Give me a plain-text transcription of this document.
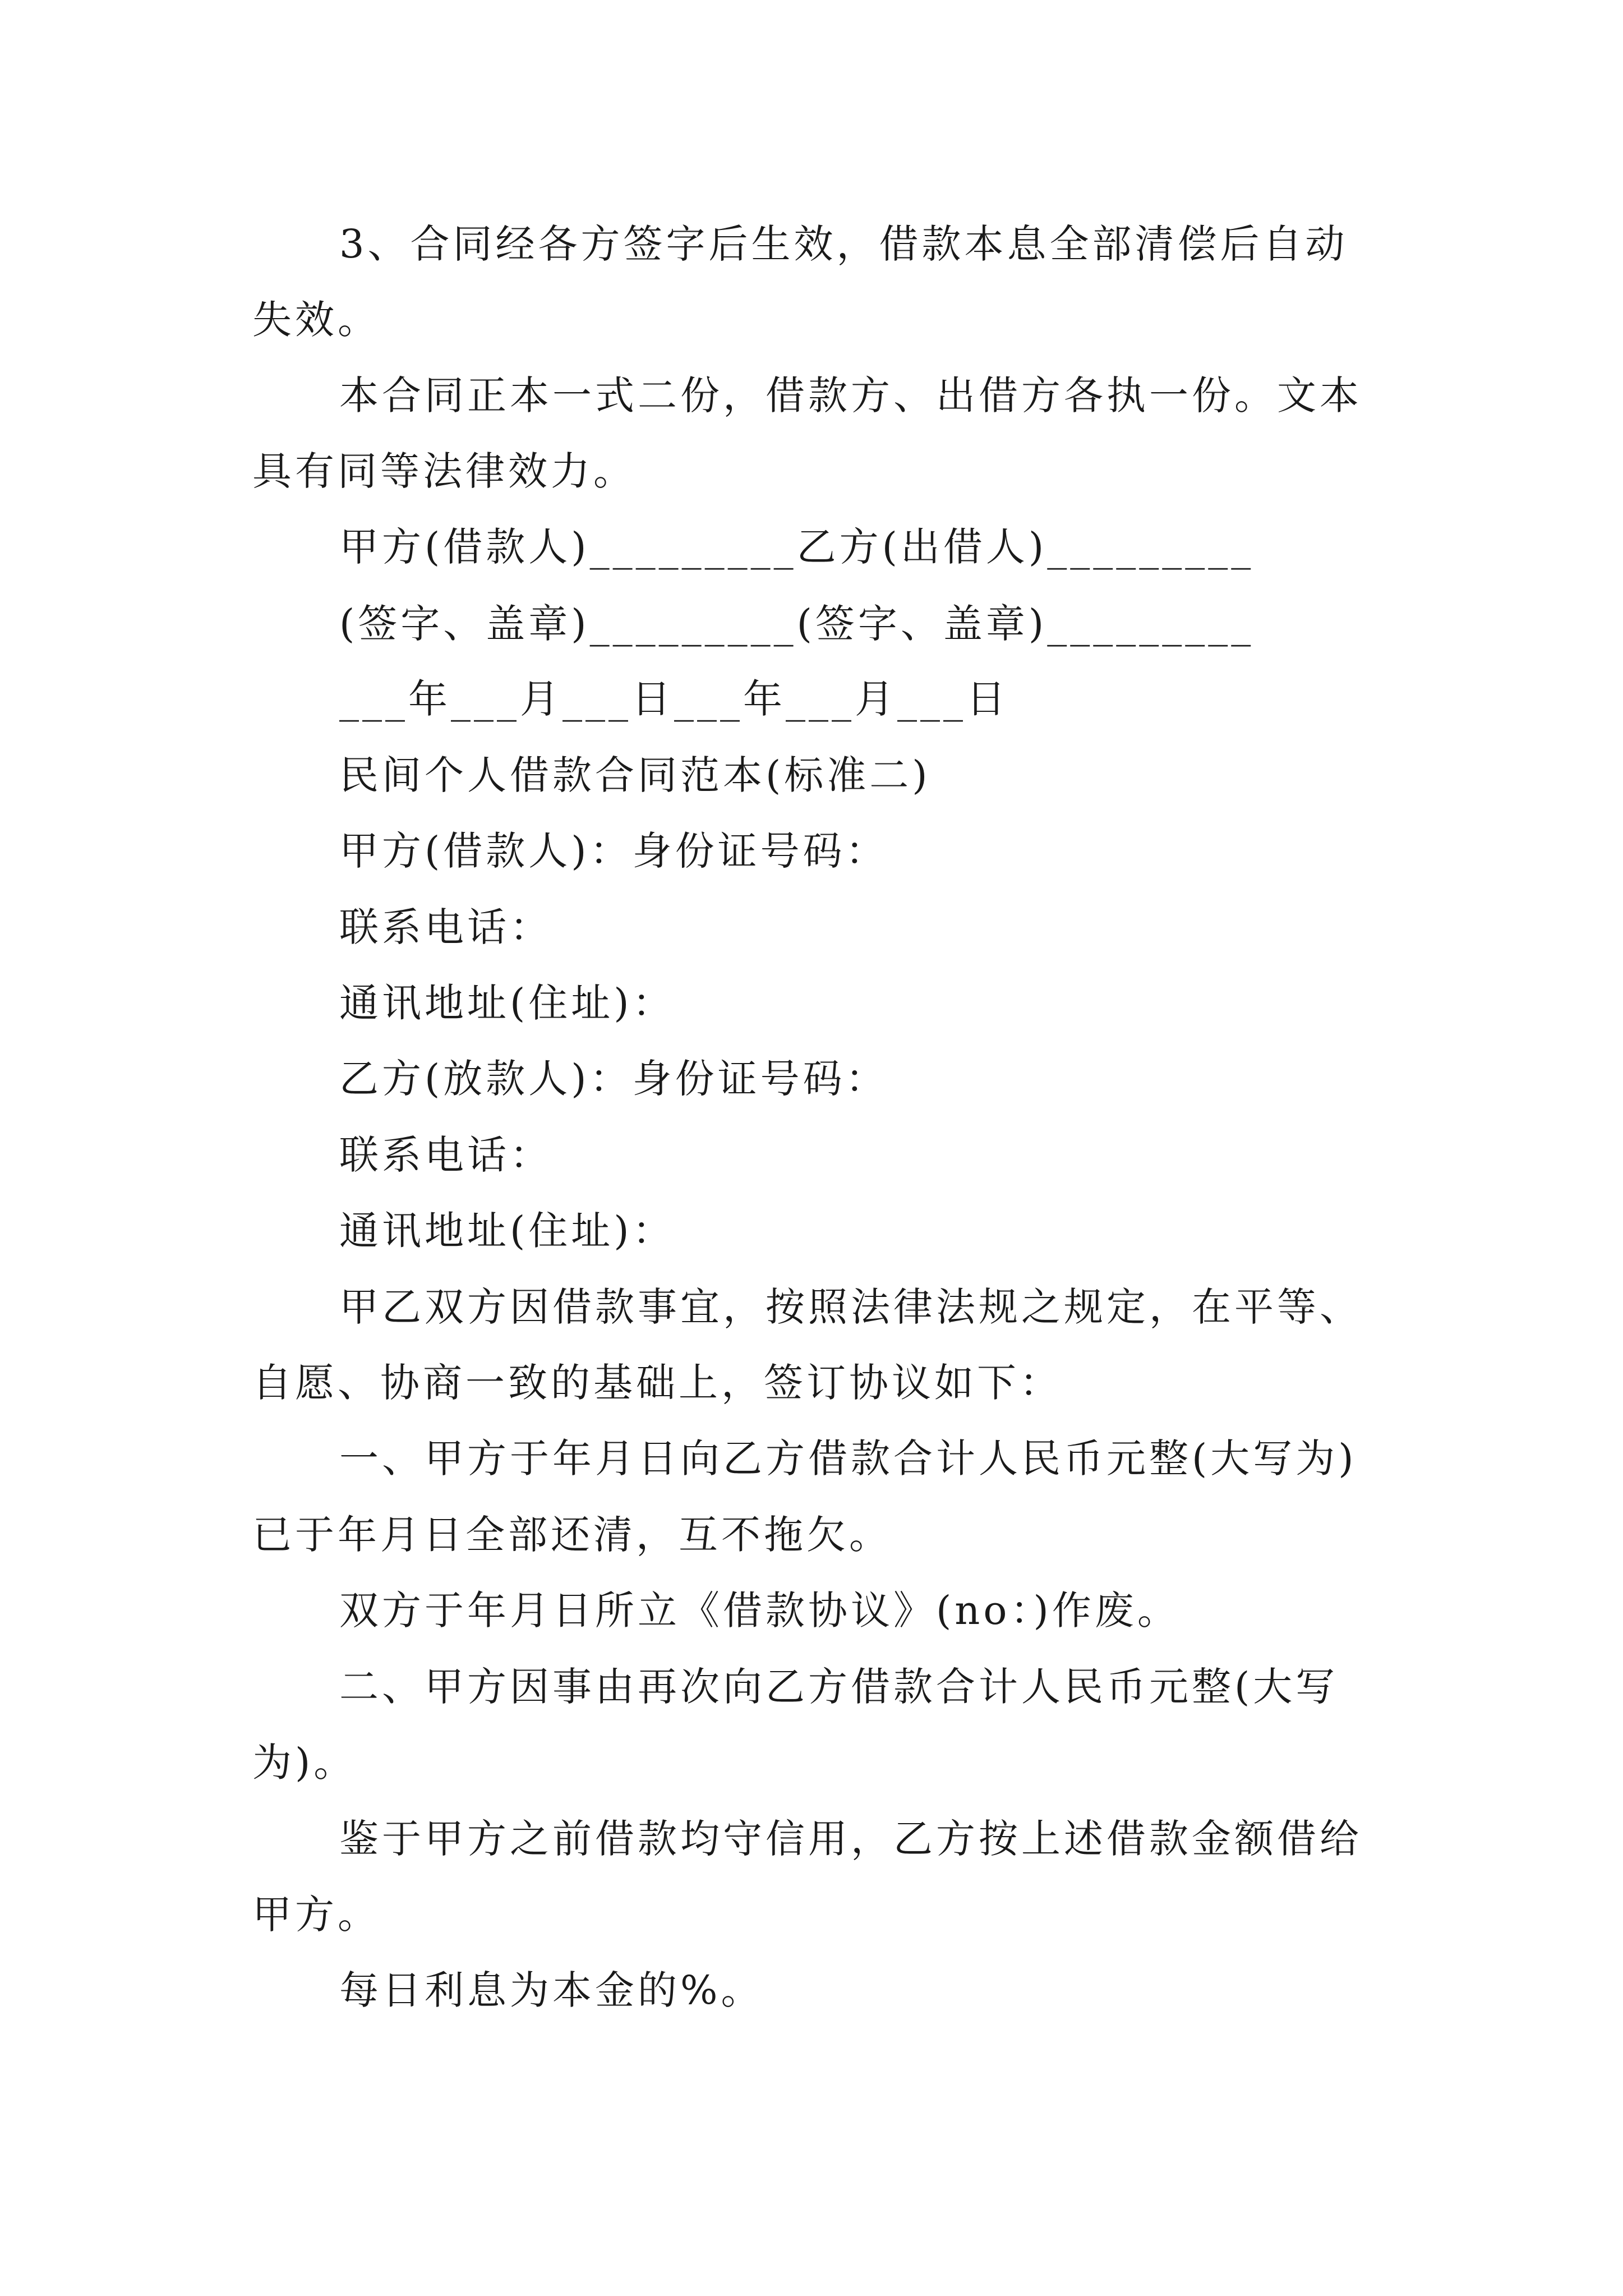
3、合同经各方签字后生效，借款本息全部清偿后自动
失效。
本合同正本一式二份，借款方、出借方各执一份。文本
具有同等法律效力。
甲方(借款人)_________乙方(出借人)_________
(签字、盖章)_________(签字、盖章)_________
___年___月___日___年___月___日
民间个人借款合同范本(标准二)
甲方(借款人)：身份证号码：
联系电话：
通讯地址(住址)：
乙方(放款人)：身份证号码：
联系电话：
通讯地址(住址)：
甲乙双方因借款事宜，按照法律法规之规定，在平等、
自愿、协商一致的基础上，签订协议如下：
一、甲方于年月日向乙方借款合计人民币元整(大写为)
已于年月日全部还清，互不拖欠。
双方于年月日所立《借款协议》(no：)作废。
二、甲方因事由再次向乙方借款合计人民币元整(大写
为)。
鉴于甲方之前借款均守信用，乙方按上述借款金额借给
甲方。
每日利息为本金的%。
